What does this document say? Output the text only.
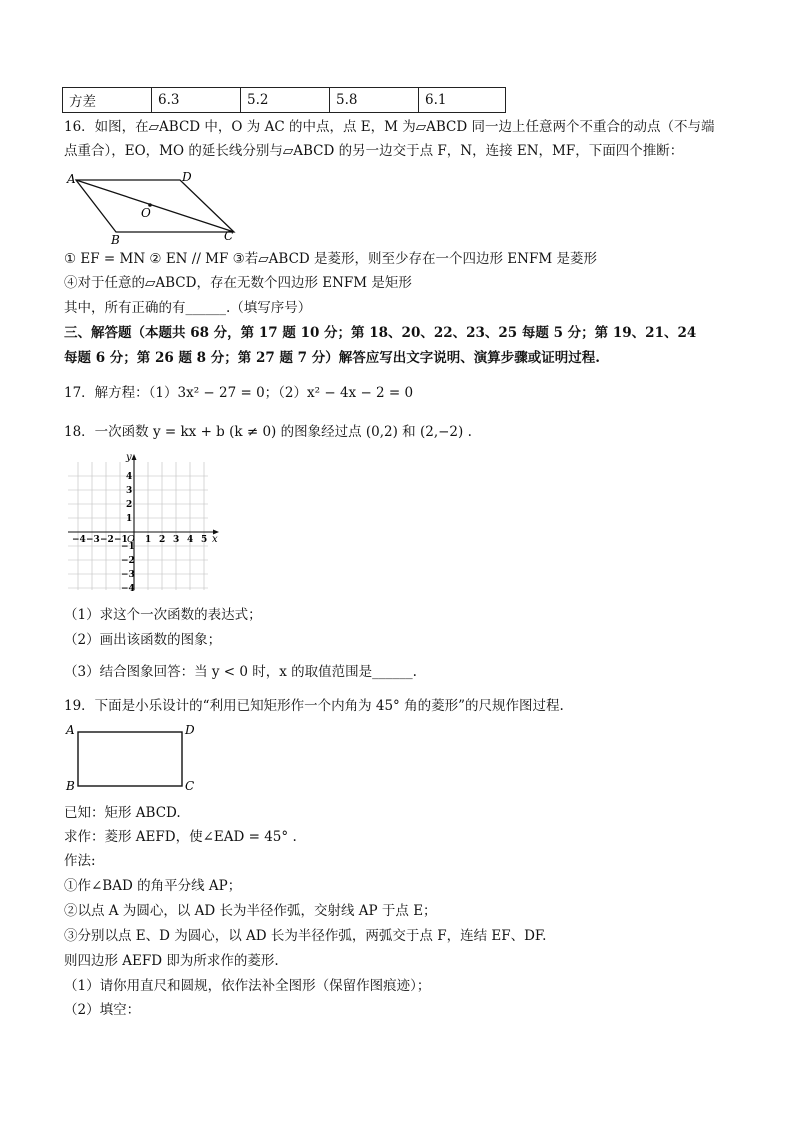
方差	6.3	5.2	5.8	6.1
16．如图，在▱ABCD 中，O 为 AC 的中点，点 E，M 为▱ABCD 同一边上任意两个不重合的动点（不与端
点重合），EO，MO 的延长线分别与▱ABCD 的另一边交于点 F，N，连接 EN，MF，下面四个推断：
A	D
B	C
O
① EF = MN ② EN // MF ③若▱ABCD 是菱形，则至少存在一个四边形 ENFM 是菱形
④对于任意的▱ABCD，存在无数个四边形 ENFM 是矩形
其中，所有正确的有______.（填写序号）
三、解答题（本题共 68 分，第 17 题 10 分；第 18、20、22、23、25 每题 5 分；第 19、21、24
每题 6 分；第 26 题 8 分；第 27 题 7 分）解答应写出文字说明、演算步骤或证明过程.
17．解方程：（1）3x² − 27 = 0；（2）x² − 4x − 2 = 0
18．一次函数 y = kx + b (k ≠ 0) 的图象经过点 (0,2) 和 (2,−2) .
x
y
O
−4 −3 −2 −1 1 2 3 4 5
4
3
2
1
−1
−2
−3
−4
（1）求这个一次函数的表达式；
（2）画出该函数的图象；
（3）结合图象回答：当 y < 0 时，x 的取值范围是______.
19．下面是小乐设计的“利用已知矩形作一个内角为 45° 角的菱形”的尺规作图过程.
A	D
B	C
已知：矩形 ABCD.
求作：菱形 AEFD，使∠EAD = 45° .
作法:
①作∠BAD 的角平分线 AP；
②以点 A 为圆心，以 AD 长为半径作弧，交射线 AP 于点 E；
③分别以点 E、D 为圆心，以 AD 长为半径作弧，两弧交于点 F，连结 EF、DF.
则四边形 AEFD 即为所求作的菱形.
（1）请你用直尺和圆规，依作法补全图形（保留作图痕迹）；
（2）填空：
